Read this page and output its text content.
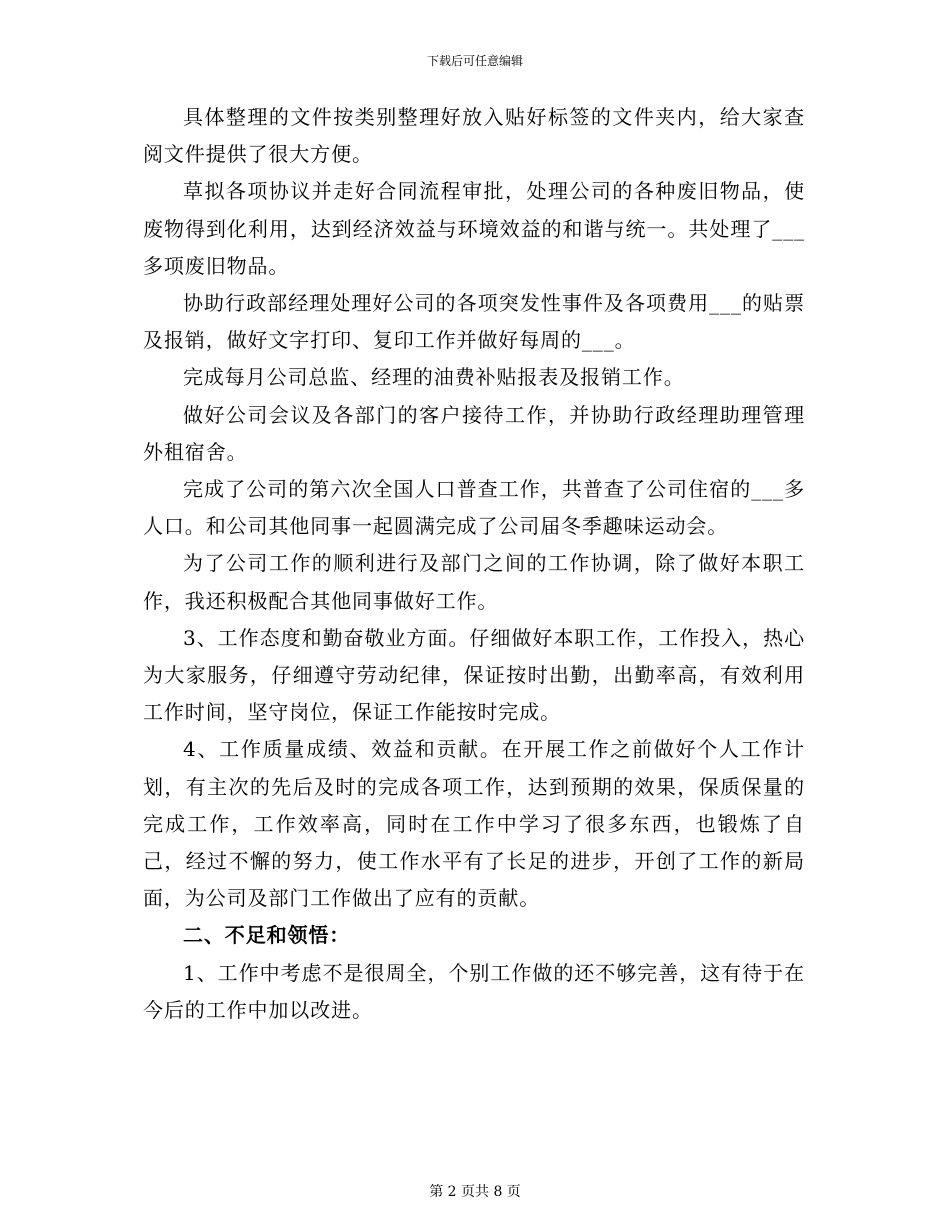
下载后可任意编辑

具体整理的文件按类别整理好放入贴好标签的文件夹内，给大家查阅文件提供了很大方便。

草拟各项协议并走好合同流程审批，处理公司的各种废旧物品，使废物得到化利用，达到经济效益与环境效益的和谐与统一。共处理了___多项废旧物品。

协助行政部经理处理好公司的各项突发性事件及各项费用___的贴票及报销，做好文字打印、复印工作并做好每周的___。

完成每月公司总监、经理的油费补贴报表及报销工作。

做好公司会议及各部门的客户接待工作，并协助行政经理助理管理外租宿舍。

完成了公司的第六次全国人口普查工作，共普查了公司住宿的___多人口。和公司其他同事一起圆满完成了公司届冬季趣味运动会。

为了公司工作的顺利进行及部门之间的工作协调，除了做好本职工作，我还积极配合其他同事做好工作。

3、工作态度和勤奋敬业方面。仔细做好本职工作，工作投入，热心为大家服务，仔细遵守劳动纪律，保证按时出勤，出勤率高，有效利用工作时间，坚守岗位，保证工作能按时完成。

4、工作质量成绩、效益和贡献。在开展工作之前做好个人工作计划，有主次的先后及时的完成各项工作，达到预期的效果，保质保量的完成工作，工作效率高，同时在工作中学习了很多东西，也锻炼了自己，经过不懈的努力，使工作水平有了长足的进步，开创了工作的新局面，为公司及部门工作做出了应有的贡献。

二、不足和领悟：

1、工作中考虑不是很周全，个别工作做的还不够完善，这有待于在今后的工作中加以改进。

第 2 页共 8 页
